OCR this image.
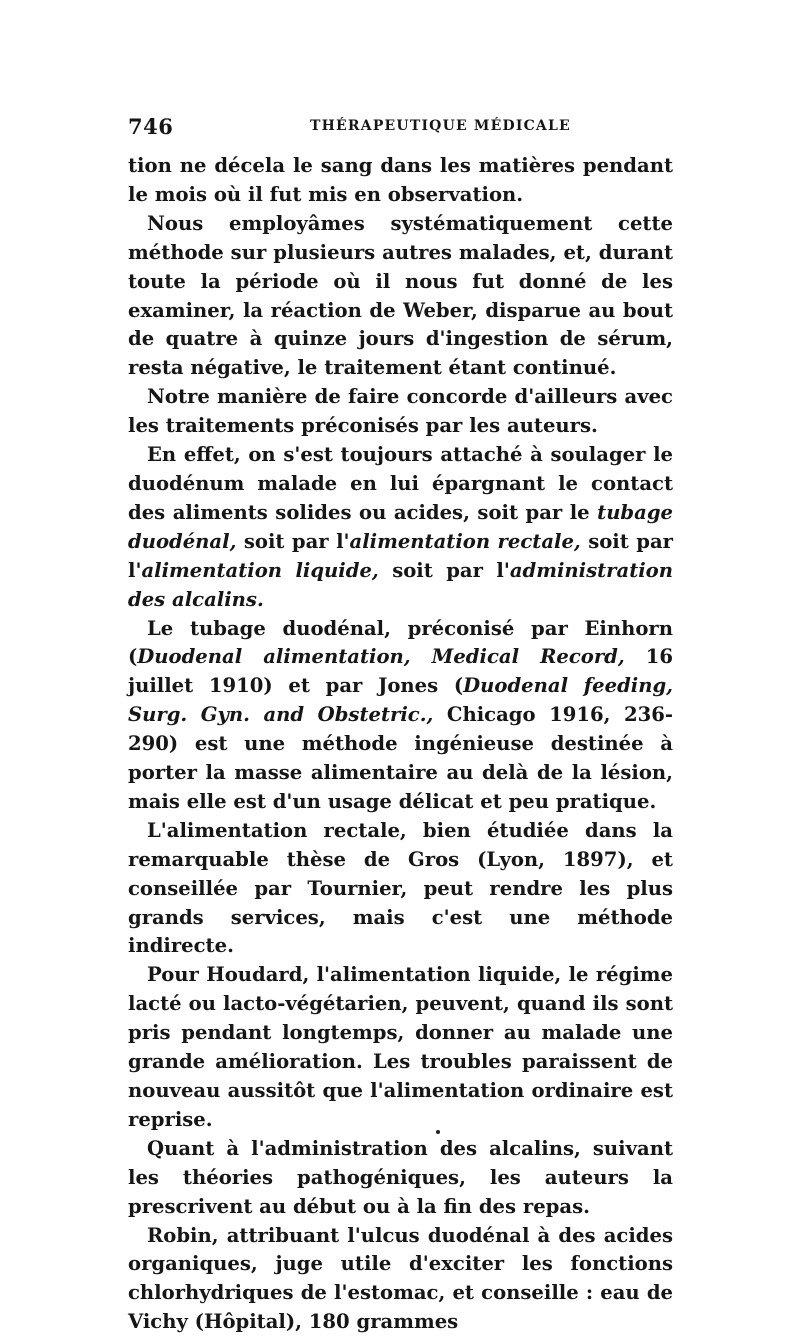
746	THÉRAPEUTIQUE MÉDICALE

tion ne décela le sang dans les matières pendant le mois où il fut mis en observation.

Nous employâmes systématiquement cette méthode sur plusieurs autres malades, et, durant toute la période où il nous fut donné de les examiner, la réaction de Weber, disparue au bout de quatre à quinze jours d'ingestion de sérum, resta négative, le traitement étant continué.

Notre manière de faire concorde d'ailleurs avec les traitements préconisés par les auteurs.

En effet, on s'est toujours attaché à soulager le duodénum malade en lui épargnant le contact des aliments solides ou acides, soit par le tubage duodénal, soit par l'alimentation rectale, soit par l'alimentation liquide, soit par l'administration des alcalins.

Le tubage duodénal, préconisé par Einhorn (Duodenal alimentation, Medical Record, 16 juillet 1910) et par Jones (Duodenal feeding, Surg. Gyn. and Obstetric., Chicago 1916, 236-290) est une méthode ingénieuse destinée à porter la masse alimentaire au delà de la lésion, mais elle est d'un usage délicat et peu pratique.

L'alimentation rectale, bien étudiée dans la remarquable thèse de Gros (Lyon, 1897), et conseillée par Tournier, peut rendre les plus grands services, mais c'est une méthode indirecte.

Pour Houdard, l'alimentation liquide, le régime lacté ou lacto-végétarien, peuvent, quand ils sont pris pendant longtemps, donner au malade une grande amélioration. Les troubles paraissent de nouveau aussitôt que l'alimentation ordinaire est reprise.

Quant à l'administration des alcalins, suivant les théories pathogéniques, les auteurs la prescrivent au début ou à la fin des repas.

Robin, attribuant l'ulcus duodénal à des acides organiques, juge utile d'exciter les fonctions chlorhydriques de l'estomac, et conseille : eau de Vichy (Hôpital), 180 grammes
